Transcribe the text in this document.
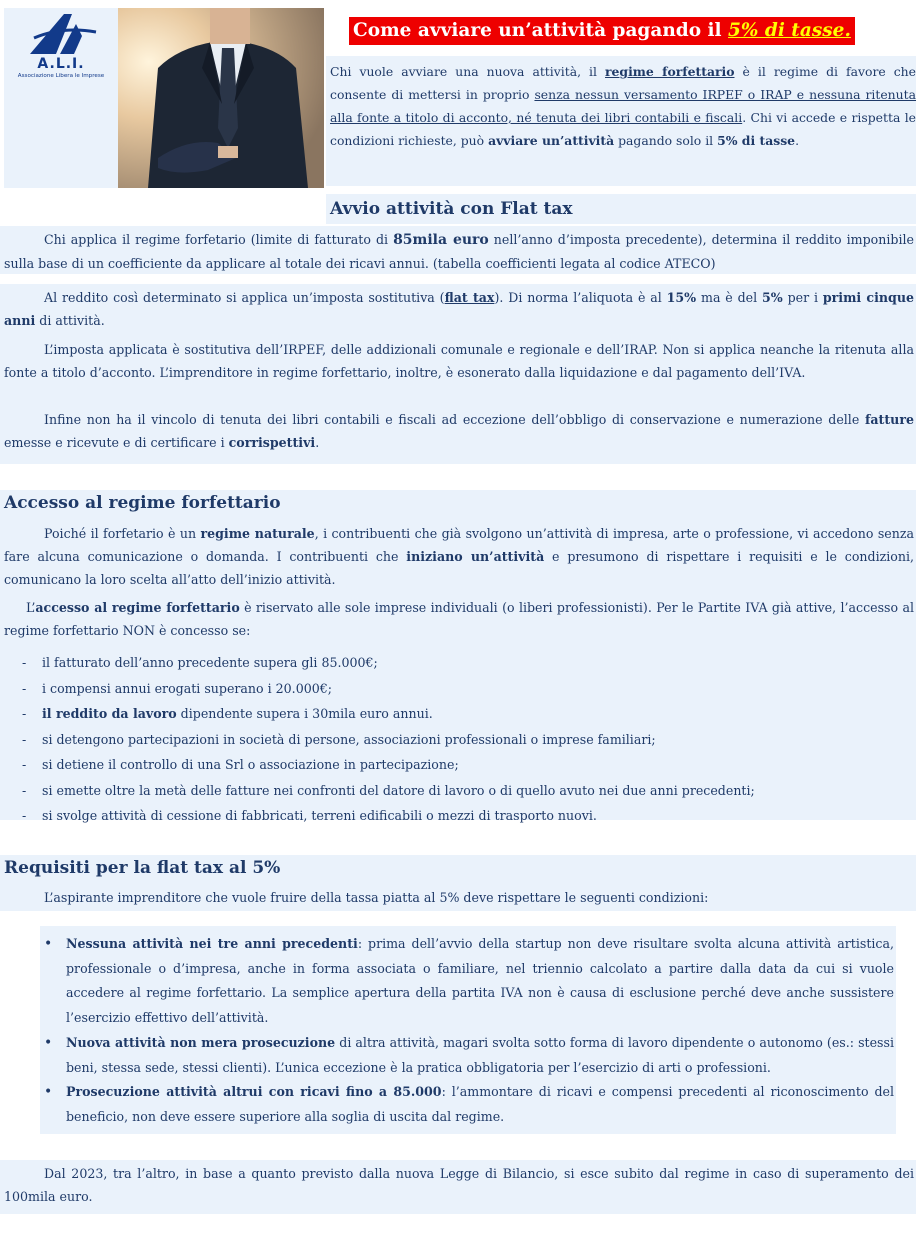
A.L.I.
Associazione Libera le Imprese
Come avviare un’attività pagando il 5% di tasse.

Chi vuole avviare una nuova attività, il regime forfettario è il regime di favore che consente di mettersi in proprio senza nessun versamento IRPEF o IRAP e nessuna ritenuta alla fonte a titolo di acconto, né tenuta dei libri contabili e fiscali. Chi vi accede e rispetta le condizioni richieste, può avviare un’attività pagando solo il 5% di tasse.

Avvio attività con Flat tax

Chi applica il regime forfetario (limite di fatturato di 85mila euro nell’anno d’imposta precedente), determina il reddito imponibile sulla base di un coefficiente da applicare al totale dei ricavi annui. (tabella coefficienti legata al codice ATECO)

Al reddito così determinato si applica un’imposta sostitutiva (flat tax). Di norma l’aliquota è al 15% ma è del 5% per i primi cinque anni di attività.

L’imposta applicata è sostitutiva dell’IRPEF, delle addizionali comunale e regionale e dell’IRAP. Non si applica neanche la ritenuta alla fonte a titolo d’acconto. L’imprenditore in regime forfettario, inoltre, è esonerato dalla liquidazione e dal pagamento dell’IVA.

Infine non ha il vincolo di tenuta dei libri contabili e fiscali ad eccezione dell’obbligo di conservazione e numerazione delle fatture emesse e ricevute e di certificare i corrispettivi.

Accesso al regime forfettario

Poiché il forfetario è un regime naturale, i contribuenti che già svolgono un’attività di impresa, arte o professione, vi accedono senza fare alcuna comunicazione o domanda. I contribuenti che iniziano un’attività e presumono di rispettare i requisiti e le condizioni, comunicano la loro scelta all’atto dell’inizio attività.

L’accesso al regime forfettario è riservato alle sole imprese individuali (o liberi professionisti). Per le Partite IVA già attive, l’accesso al regime forfettario NON è concesso se:

- il fatturato dell’anno precedente supera gli 85.000€;
- i compensi annui erogati superano i 20.000€;
- il reddito da lavoro dipendente supera i 30mila euro annui.
- si detengono partecipazioni in società di persone, associazioni professionali o imprese familiari;
- si detiene il controllo di una Srl o associazione in partecipazione;
- si emette oltre la metà delle fatture nei confronti del datore di lavoro o di quello avuto nei due anni precedenti;
- si svolge attività di cessione di fabbricati, terreni edificabili o mezzi di trasporto nuovi.
Requisiti per la flat tax al 5%

L’aspirante imprenditore che vuole fruire della tassa piatta al 5% deve rispettare le seguenti condizioni:

• Nessuna attività nei tre anni precedenti: prima dell’avvio della startup non deve risultare svolta alcuna attività artistica, professionale o d’impresa, anche in forma associata o familiare, nel triennio calcolato a partire dalla data da cui si vuole accedere al regime forfettario. La semplice apertura della partita IVA non è causa di esclusione perché deve anche sussistere l’esercizio effettivo dell’attività.
• Nuova attività non mera prosecuzione di altra attività, magari svolta sotto forma di lavoro dipendente o autonomo (es.: stessi beni, stessa sede, stessi clienti). L’unica eccezione è la pratica obbligatoria per l’esercizio di arti o professioni.
• Prosecuzione attività altrui con ricavi fino a 85.000: l’ammontare di ricavi e compensi precedenti al riconoscimento del beneficio, non deve essere superiore alla soglia di uscita dal regime.

Dal 2023, tra l’altro, in base a quanto previsto dalla nuova Legge di Bilancio, si esce subito dal regime in caso di superamento dei 100mila euro.
